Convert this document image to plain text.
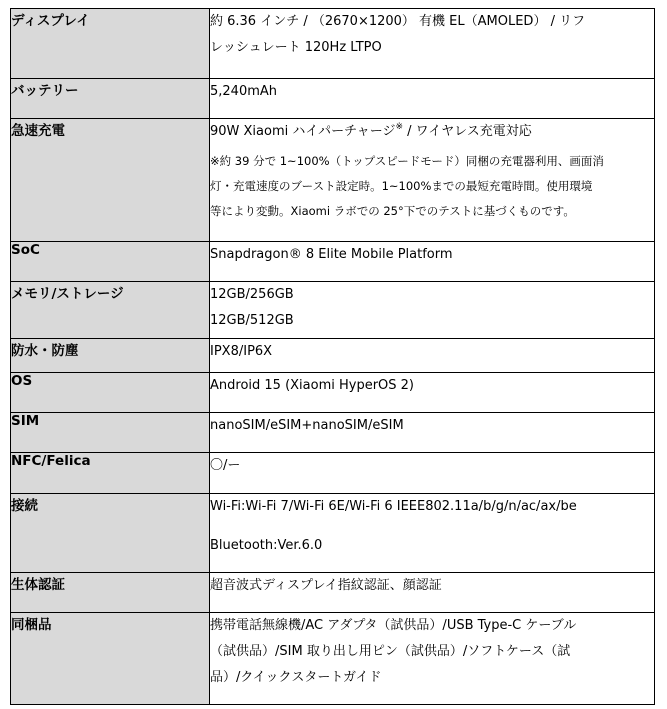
ディスプレイ	約 6.36 インチ / （2670×1200） 有機 EL（AMOLED） / リフ
レッシュレート 120Hz LTPO

バッテリー	5,240mAh

急速充電	90W Xiaomi ハイパーチャージ※ / ワイヤレス充電対応
※約 39 分で 1~100%（トップスピードモード）同梱の充電器利用、画面消
灯・充電速度のブースト設定時。1~100%までの最短充電時間。使用環境
等により変動。Xiaomi ラボでの 25°下でのテストに基づくものです。

SoC	Snapdragon® 8 Elite Mobile Platform

メモリ/ストレージ	12GB/256GB
12GB/512GB

防水・防塵	IPX8/IP6X

OS	Android 15 (Xiaomi HyperOS 2)

SIM	nanoSIM/eSIM+nanoSIM/eSIM

NFC/Felica	〇/ー

接続	Wi-Fi:Wi-Fi 7/Wi-Fi 6E/Wi-Fi 6 IEEE802.11a/b/g/n/ac/ax/be
Bluetooth:Ver.6.0

生体認証	超音波式ディスプレイ指紋認証、顔認証

同梱品	携帯電話無線機/AC アダプタ（試供品）/USB Type-C ケーブル
（試供品）/SIM 取り出し用ピン（試供品）/ソフトケース（試
品）/クイックスタートガイド
